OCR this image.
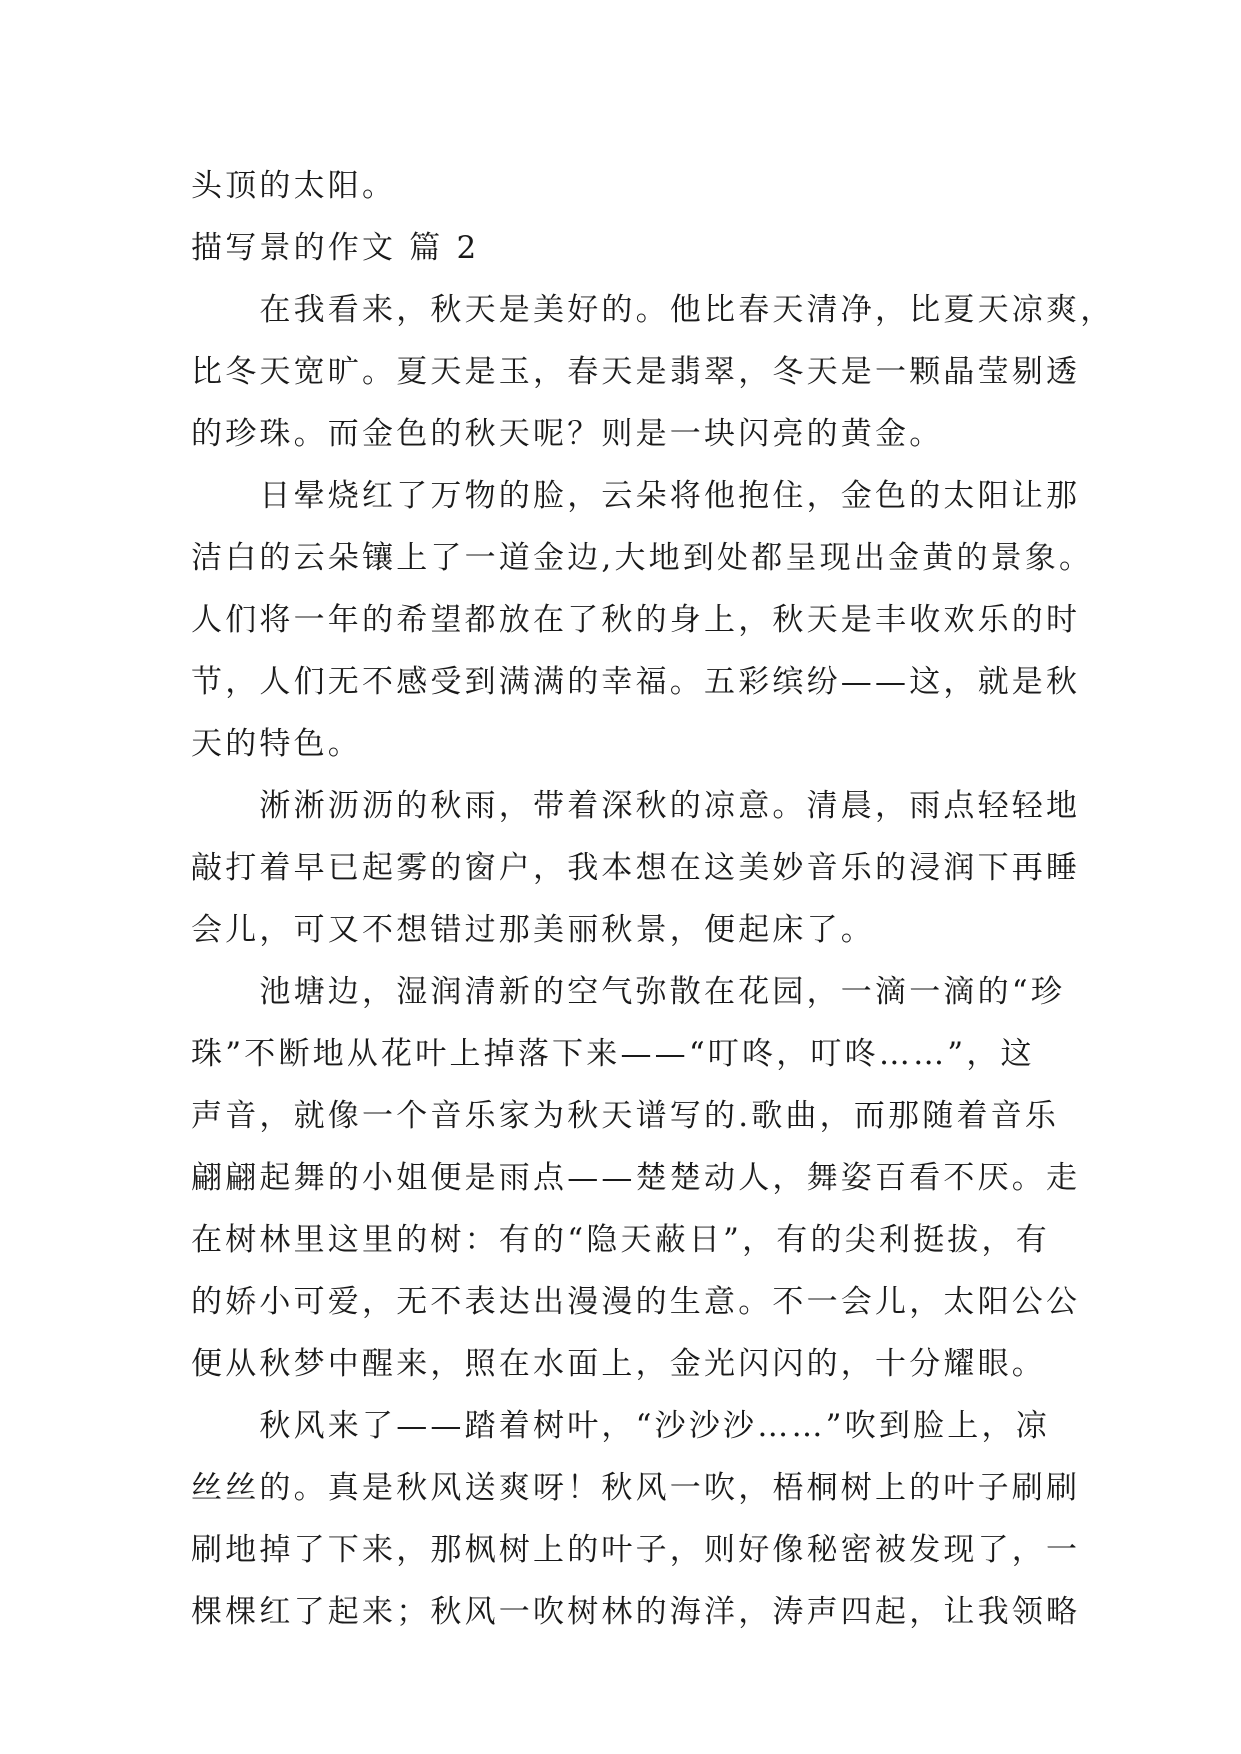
头顶的太阳。
描写景的作文 篇 2
　　在我看来，秋天是美好的。他比春天清净，比夏天凉爽，
比冬天宽旷。夏天是玉，春天是翡翠，冬天是一颗晶莹剔透
的珍珠。而金色的秋天呢？则是一块闪亮的黄金。
　　日晕烧红了万物的脸，云朵将他抱住，金色的太阳让那
洁白的云朵镶上了一道金边,大地到处都呈现出金黄的景象。
人们将一年的希望都放在了秋的身上，秋天是丰收欢乐的时
节，人们无不感受到满满的幸福。五彩缤纷——这，就是秋
天的特色。
　　淅淅沥沥的秋雨，带着深秋的凉意。清晨，雨点轻轻地
敲打着早已起雾的窗户，我本想在这美妙音乐的浸润下再睡
会儿，可又不想错过那美丽秋景，便起床了。
　　池塘边，湿润清新的空气弥散在花园，一滴一滴的“珍
珠”不断地从花叶上掉落下来——“叮咚，叮咚……”，这
声音，就像一个音乐家为秋天谱写的.歌曲，而那随着音乐
翩翩起舞的小姐便是雨点——楚楚动人，舞姿百看不厌。走
在树林里这里的树：有的“隐天蔽日”，有的尖利挺拔，有
的娇小可爱，无不表达出漫漫的生意。不一会儿，太阳公公
便从秋梦中醒来，照在水面上，金光闪闪的，十分耀眼。
　　秋风来了——踏着树叶，“沙沙沙……”吹到脸上，凉
丝丝的。真是秋风送爽呀！秋风一吹，梧桐树上的叶子刷刷
刷地掉了下来，那枫树上的叶子，则好像秘密被发现了，一
棵棵红了起来；秋风一吹树林的海洋，涛声四起，让我领略
